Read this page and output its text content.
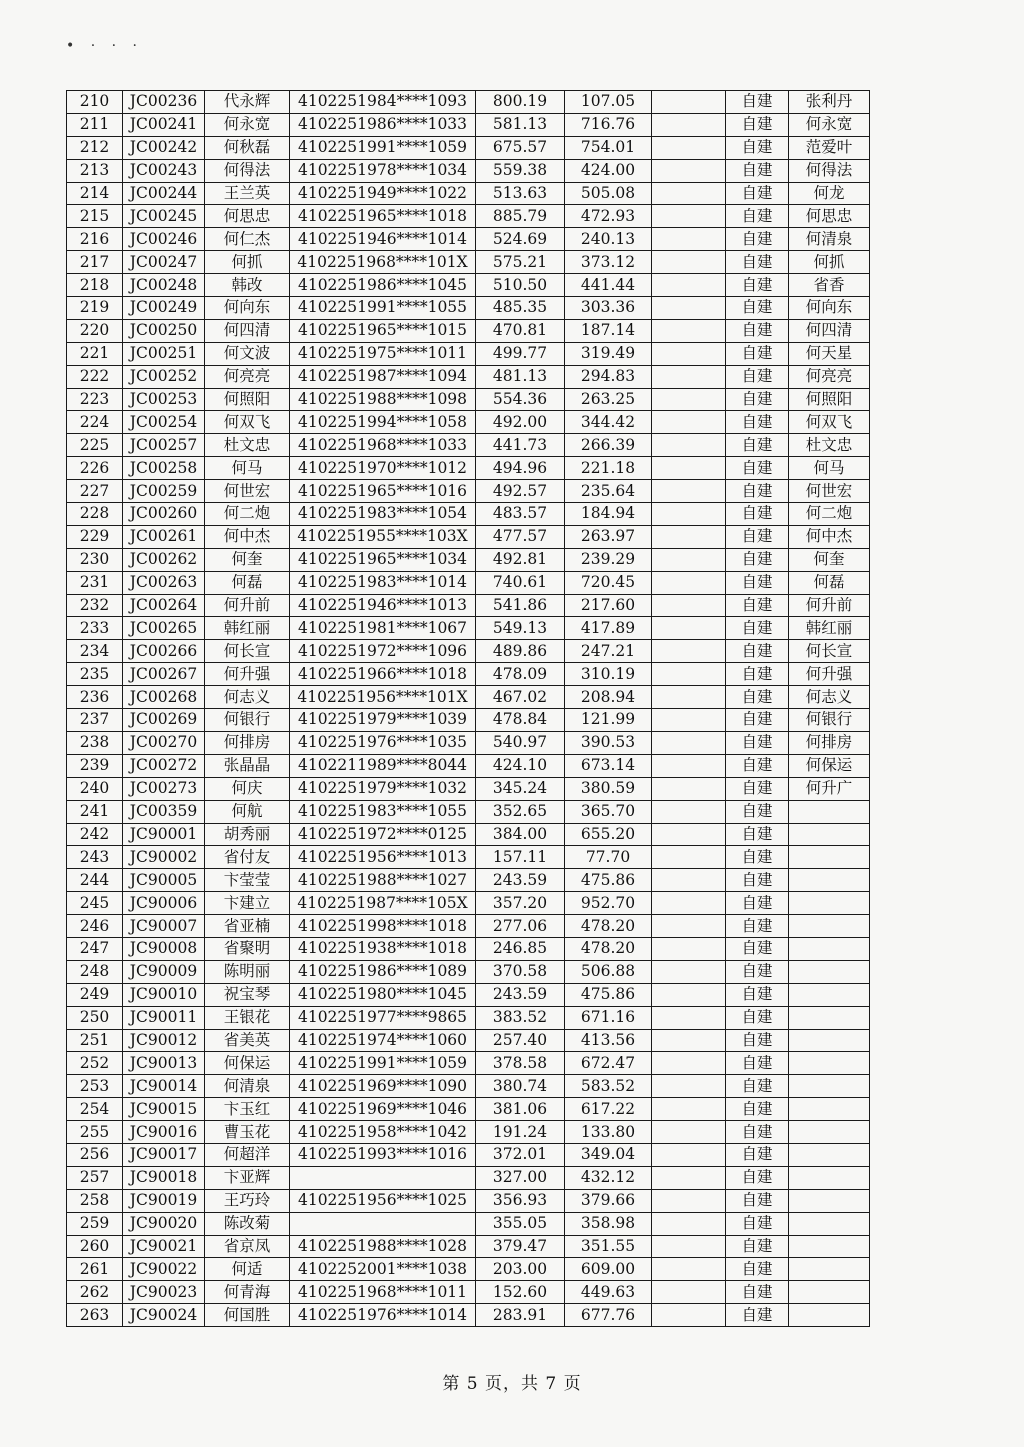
• · · ·
210	JC00236	代永辉	4102251984****1093	800.19	107.05		自建	张利丹
211	JC00241	何永宽	4102251986****1033	581.13	716.76		自建	何永宽
212	JC00242	何秋磊	4102251991****1059	675.57	754.01		自建	范爱叶
213	JC00243	何得法	4102251978****1034	559.38	424.00		自建	何得法
214	JC00244	王兰英	4102251949****1022	513.63	505.08		自建	何龙
215	JC00245	何思忠	4102251965****1018	885.79	472.93		自建	何思忠
216	JC00246	何仁杰	4102251946****1014	524.69	240.13		自建	何清泉
217	JC00247	何抓	4102251968****101X	575.21	373.12		自建	何抓
218	JC00248	韩改	4102251986****1045	510.50	441.44		自建	省香
219	JC00249	何向东	4102251991****1055	485.35	303.36		自建	何向东
220	JC00250	何四清	4102251965****1015	470.81	187.14		自建	何四清
221	JC00251	何文波	4102251975****1011	499.77	319.49		自建	何天星
222	JC00252	何亮亮	4102251987****1094	481.13	294.83		自建	何亮亮
223	JC00253	何照阳	4102251988****1098	554.36	263.25		自建	何照阳
224	JC00254	何双飞	4102251994****1058	492.00	344.42		自建	何双飞
225	JC00257	杜文忠	4102251968****1033	441.73	266.39		自建	杜文忠
226	JC00258	何马	4102251970****1012	494.96	221.18		自建	何马
227	JC00259	何世宏	4102251965****1016	492.57	235.64		自建	何世宏
228	JC00260	何二炮	4102251983****1054	483.57	184.94		自建	何二炮
229	JC00261	何中杰	4102251955****103X	477.57	263.97		自建	何中杰
230	JC00262	何奎	4102251965****1034	492.81	239.29		自建	何奎
231	JC00263	何磊	4102251983****1014	740.61	720.45		自建	何磊
232	JC00264	何升前	4102251946****1013	541.86	217.60		自建	何升前
233	JC00265	韩红丽	4102251981****1067	549.13	417.89		自建	韩红丽
234	JC00266	何长宣	4102251972****1096	489.86	247.21		自建	何长宣
235	JC00267	何升强	4102251966****1018	478.09	310.19		自建	何升强
236	JC00268	何志义	4102251956****101X	467.02	208.94		自建	何志义
237	JC00269	何银行	4102251979****1039	478.84	121.99		自建	何银行
238	JC00270	何排房	4102251976****1035	540.97	390.53		自建	何排房
239	JC00272	张晶晶	4102211989****8044	424.10	673.14		自建	何保运
240	JC00273	何庆	4102251979****1032	345.24	380.59		自建	何升广
241	JC00359	何航	4102251983****1055	352.65	365.70		自建	
242	JC90001	胡秀丽	4102251972****0125	384.00	655.20		自建	
243	JC90002	省付友	4102251956****1013	157.11	77.70		自建	
244	JC90005	卞莹莹	4102251988****1027	243.59	475.86		自建	
245	JC90006	卞建立	4102251987****105X	357.20	952.70		自建	
246	JC90007	省亚楠	4102251998****1018	277.06	478.20		自建	
247	JC90008	省聚明	4102251938****1018	246.85	478.20		自建	
248	JC90009	陈明丽	4102251986****1089	370.58	506.88		自建	
249	JC90010	祝宝琴	4102251980****1045	243.59	475.86		自建	
250	JC90011	王银花	4102251977****9865	383.52	671.16		自建	
251	JC90012	省美英	4102251974****1060	257.40	413.56		自建	
252	JC90013	何保运	4102251991****1059	378.58	672.47		自建	
253	JC90014	何清泉	4102251969****1090	380.74	583.52		自建	
254	JC90015	卞玉红	4102251969****1046	381.06	617.22		自建	
255	JC90016	曹玉花	4102251958****1042	191.24	133.80		自建	
256	JC90017	何超洋	4102251993****1016	372.01	349.04		自建	
257	JC90018	卞亚辉		327.00	432.12		自建	
258	JC90019	王巧玲	4102251956****1025	356.93	379.66		自建	
259	JC90020	陈改菊		355.05	358.98		自建	
260	JC90021	省京凤	4102251988****1028	379.47	351.55		自建	
261	JC90022	何适	4102252001****1038	203.00	609.00		自建	
262	JC90023	何青海	4102251968****1011	152.60	449.63		自建	
263	JC90024	何国胜	4102251976****1014	283.91	677.76		自建	
第 5 页，共 7 页
